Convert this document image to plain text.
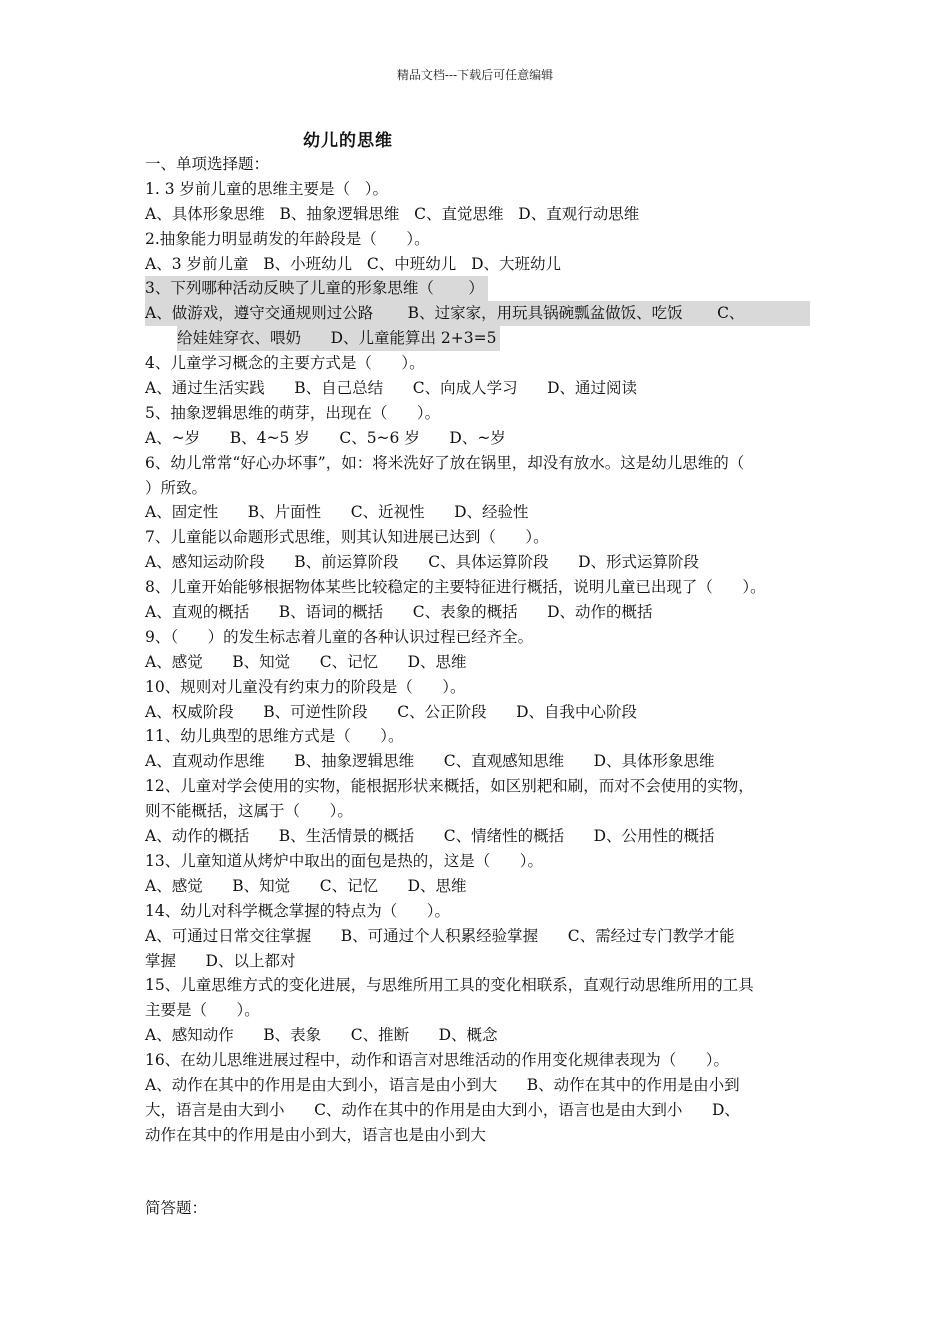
精品文档---下载后可任意编辑
幼儿的思维
一、单项选择题：
1. 3 岁前儿童的思维主要是（   ）。
A、具体形象思维   B、抽象逻辑思维   C、直觉思维   D、直观行动思维
2.抽象能力明显萌发的年龄段是（      ）。
A、3 岁前儿童   B、小班幼儿   C、中班幼儿   D、大班幼儿
3、下列哪种活动反映了儿童的形象思维（       ）
A、做游戏，遵守交通规则过公路       B、过家家，用玩具锅碗瓢盆做饭、吃饭       C、
给娃娃穿衣、喂奶      D、儿童能算出 2+3=5
4、儿童学习概念的主要方式是（      ）。
A、通过生活实践      B、自己总结      C、向成人学习      D、通过阅读
5、抽象逻辑思维的萌芽，出现在（      ）。
A、~岁      B、4~5 岁      C、5~6 岁      D、~岁
6、幼儿常常“好心办坏事”，如：将米洗好了放在锅里，却没有放水。这是幼儿思维的（
）所致。
A、固定性      B、片面性      C、近视性      D、经验性
7、儿童能以命题形式思维，则其认知进展已达到（      ）。
A、感知运动阶段      B、前运算阶段      C、具体运算阶段      D、形式运算阶段
8、儿童开始能够根据物体某些比较稳定的主要特征进行概括，说明儿童已出现了（      ）。
A、直观的概括      B、语词的概括      C、表象的概括      D、动作的概括
9、（      ）的发生标志着儿童的各种认识过程已经齐全。
A、感觉      B、知觉      C、记忆      D、思维
10、规则对儿童没有约束力的阶段是（      ）。
A、权威阶段      B、可逆性阶段      C、公正阶段      D、自我中心阶段
11、幼儿典型的思维方式是（      ）。
A、直观动作思维      B、抽象逻辑思维      C、直观感知思维      D、具体形象思维
12、儿童对学会使用的实物，能根据形状来概括，如区别耙和刷，而对不会使用的实物，
则不能概括，这属于（      ）。
A、动作的概括      B、生活情景的概括      C、情绪性的概括      D、公用性的概括
13、儿童知道从烤炉中取出的面包是热的，这是（      ）。
A、感觉      B、知觉      C、记忆      D、思维
14、幼儿对科学概念掌握的特点为（      ）。
A、可通过日常交往掌握      B、可通过个人积累经验掌握      C、需经过专门教学才能
掌握      D、以上都对
15、儿童思维方式的变化进展，与思维所用工具的变化相联系，直观行动思维所用的工具
主要是（      ）。
A、感知动作      B、表象      C、推断      D、概念
16、在幼儿思维进展过程中，动作和语言对思维活动的作用变化规律表现为（      ）。
A、动作在其中的作用是由大到小，语言是由小到大      B、动作在其中的作用是由小到
大，语言是由大到小      C、动作在其中的作用是由大到小，语言也是由大到小      D、
动作在其中的作用是由小到大，语言也是由小到大
简答题：
